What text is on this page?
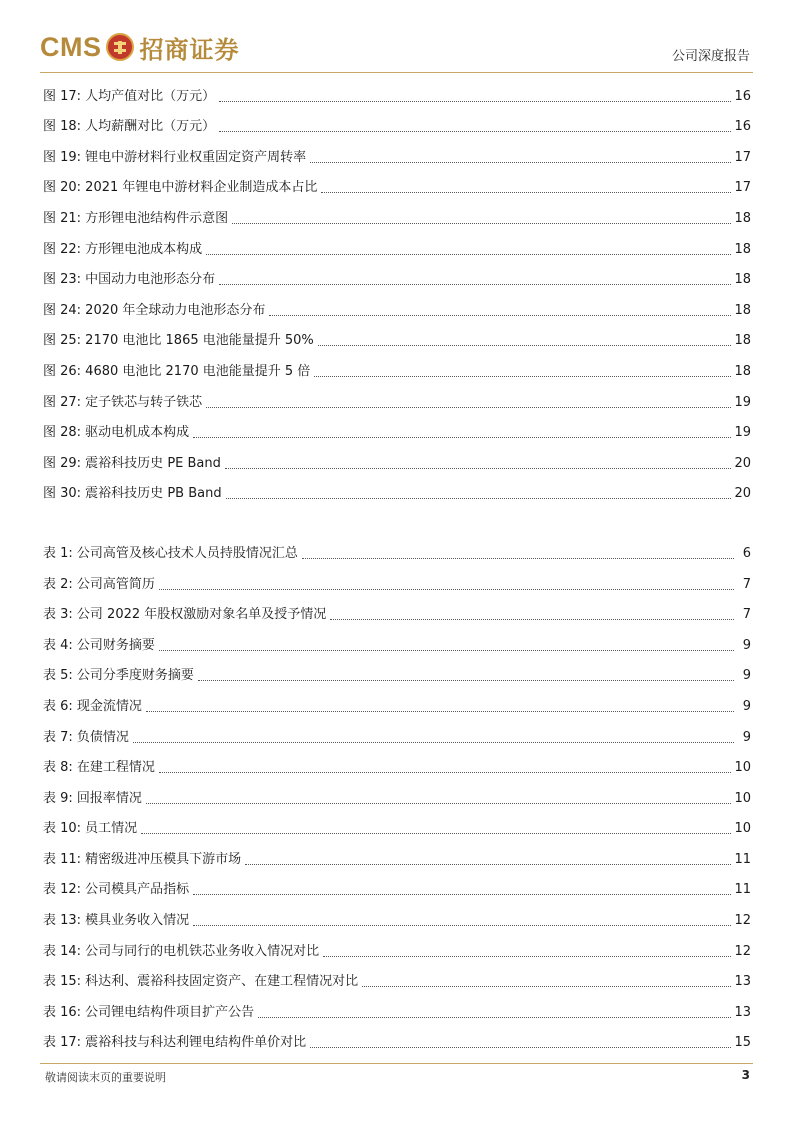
CMS 招商证券	公司深度报告
图 17: 人均产值对比（万元）	16
图 18: 人均薪酬对比（万元）	16
图 19: 锂电中游材料行业权重固定资产周转率	17
图 20: 2021 年锂电中游材料企业制造成本占比	17
图 21: 方形锂电池结构件示意图	18
图 22: 方形锂电池成本构成	18
图 23: 中国动力电池形态分布	18
图 24: 2020 年全球动力电池形态分布	18
图 25: 2170 电池比 1865 电池能量提升 50%	18
图 26: 4680 电池比 2170 电池能量提升 5 倍	18
图 27: 定子铁芯与转子铁芯	19
图 28: 驱动电机成本构成	19
图 29: 震裕科技历史 PE Band	20
图 30: 震裕科技历史 PB Band	20
表 1: 公司高管及核心技术人员持股情况汇总	6
表 2: 公司高管简历	7
表 3: 公司 2022 年股权激励对象名单及授予情况	7
表 4: 公司财务摘要	9
表 5: 公司分季度财务摘要	9
表 6: 现金流情况	9
表 7: 负债情况	9
表 8: 在建工程情况	10
表 9: 回报率情况	10
表 10: 员工情况	10
表 11: 精密级进冲压模具下游市场	11
表 12: 公司模具产品指标	11
表 13: 模具业务收入情况	12
表 14: 公司与同行的电机铁芯业务收入情况对比	12
表 15: 科达利、震裕科技固定资产、在建工程情况对比	13
表 16: 公司锂电结构件项目扩产公告	13
表 17: 震裕科技与科达利锂电结构件单价对比	15
敬请阅读末页的重要说明	3
